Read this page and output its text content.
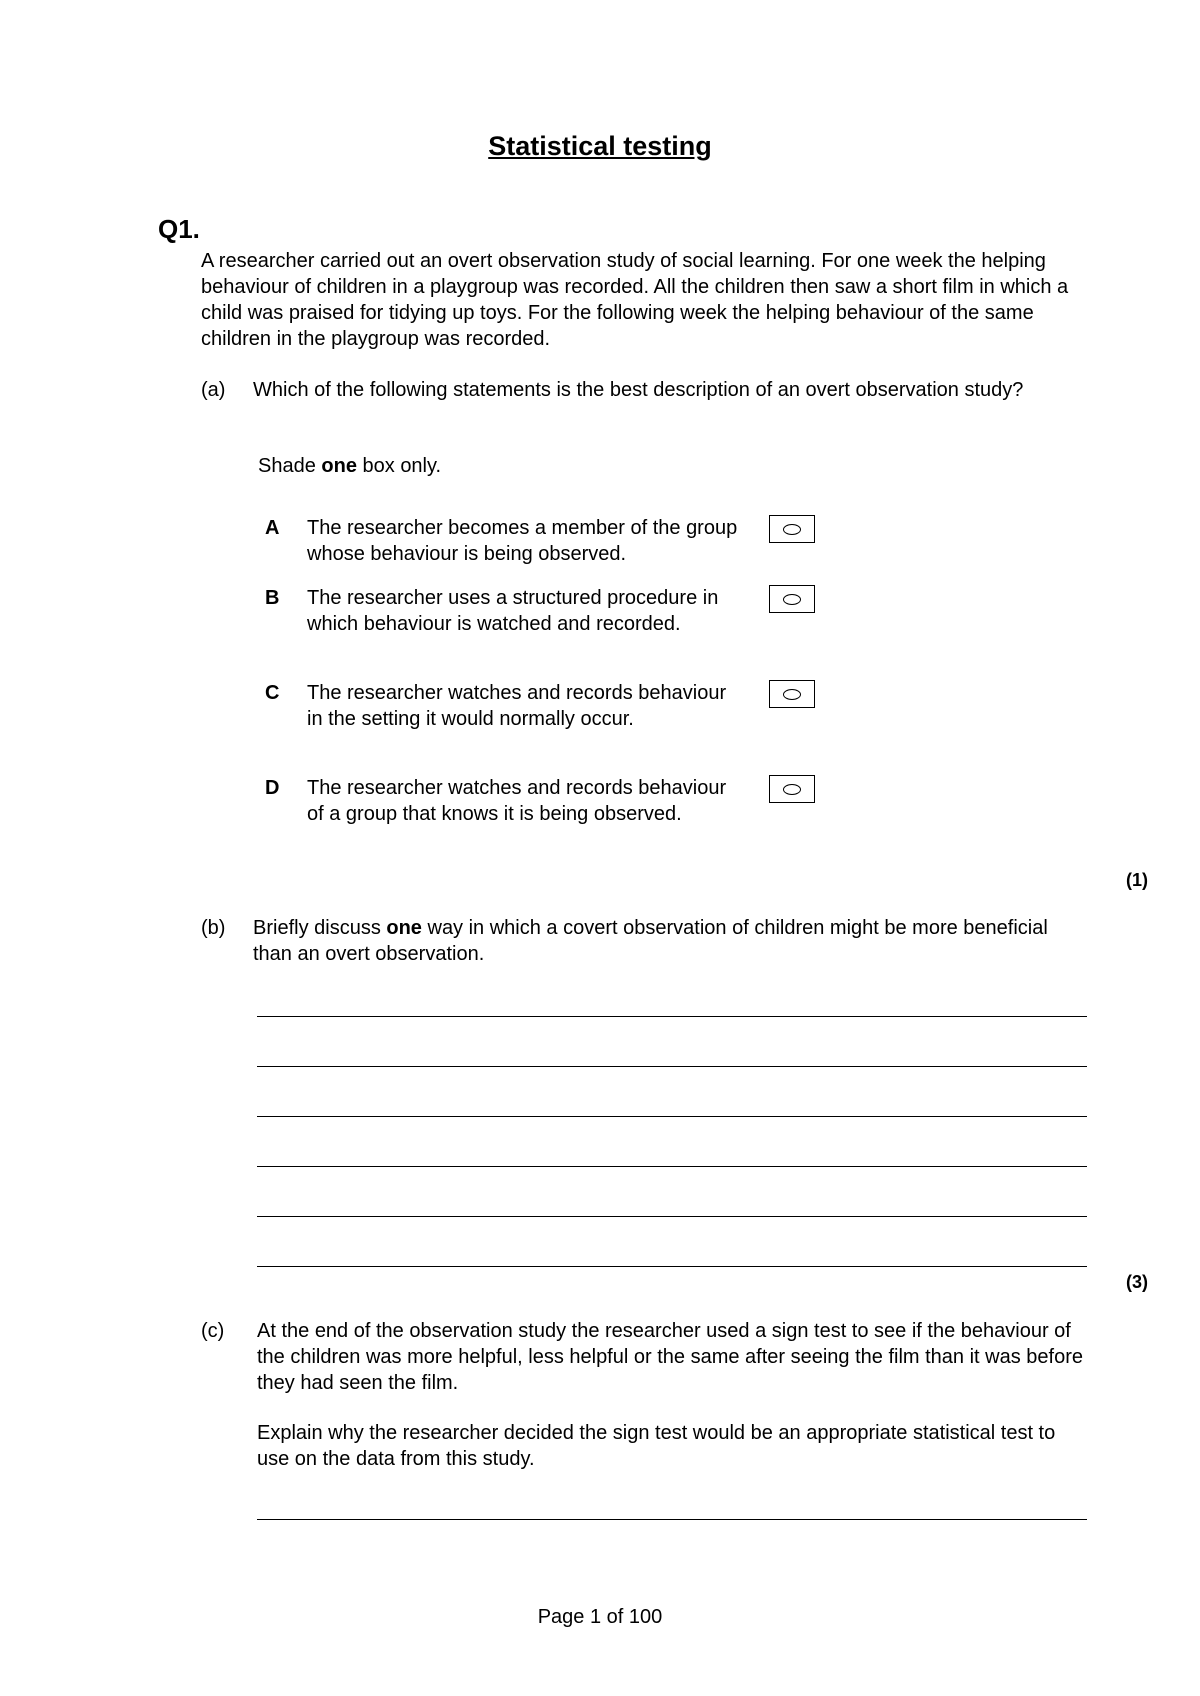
Statistical testing
Q1.
A researcher carried out an overt observation study of social learning. For one week the helping behaviour of children in a playgroup was recorded. All the children then saw a short film in which a child was praised for tidying up toys. For the following week the helping behaviour of the same children in the playgroup was recorded.
(a) Which of the following statements is the best description of an overt observation study?
Shade one box only.
A The researcher becomes a member of the group whose behaviour is being observed.
B The researcher uses a structured procedure in which behaviour is watched and recorded.
C The researcher watches and records behaviour in the setting it would normally occur.
D The researcher watches and records behaviour of a group that knows it is being observed.
(1)
(b) Briefly discuss one way in which a covert observation of children might be more beneficial than an overt observation.
(3)
(c) At the end of the observation study the researcher used a sign test to see if the behaviour of the children was more helpful, less helpful or the same after seeing the film than it was before they had seen the film.
Explain why the researcher decided the sign test would be an appropriate statistical test to use on the data from this study.
Page 1 of 100
